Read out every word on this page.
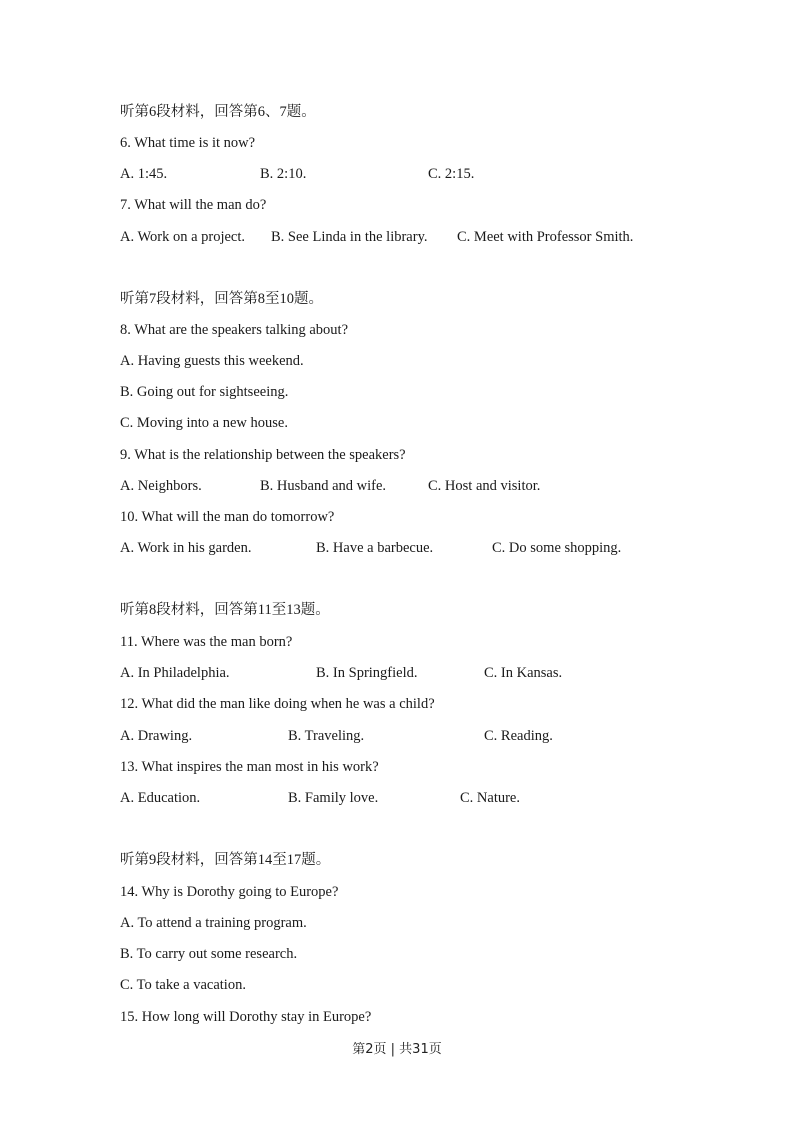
听第6段材料，回答第6、7题。
6. What time is it now?
A. 1:45.	B. 2:10.	C. 2:15.
7. What will the man do?
A. Work on a project. B. See Linda in the library. C. Meet with Professor Smith.
听第7段材料，回答第8至10题。
8. What are the speakers talking about?
A. Having guests this weekend.
B. Going out for sightseeing.
C. Moving into a new house.
9. What is the relationship between the speakers?
A. Neighbors.	B. Husband and wife.	C. Host and visitor.
10. What will the man do tomorrow?
A. Work in his garden.	B. Have a barbecue.	C. Do some shopping.
听第8段材料，回答第11至13题。
11. Where was the man born?
A. In Philadelphia.	B. In Springfield.	C. In Kansas.
12. What did the man like doing when he was a child?
A. Drawing.	B. Traveling.	C. Reading.
13. What inspires the man most in his work?
A. Education.	B. Family love.	C. Nature.
听第9段材料，回答第14至17题。
14. Why is Dorothy going to Europe?
A. To attend a training program.
B. To carry out some research.
C. To take a vacation.
15. How long will Dorothy stay in Europe?
第2页 | 共31页
